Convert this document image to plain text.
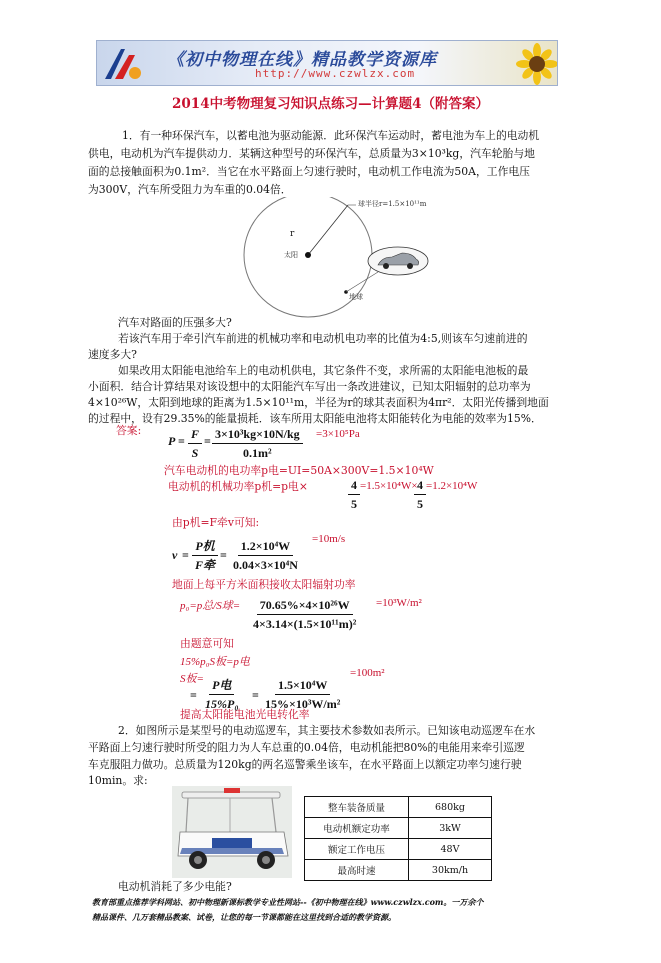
《初中物理在线》精品教学资源库
http://www.czwlzx.com
2014中考物理复习知识点练习—计算题4（附答案）
1．有一种环保汽车，以蓄电池为驱动能源．此环保汽车运动时，蓄电池为车上的电动机
供电，电动机为汽车提供动力．某辆这种型号的环保汽车，总质量为3×10³kg，汽车轮胎与地
面的总接触面积为0.1m²．当它在水平路面上匀速行驶时，电动机工作电流为50A，工作电压
为300V，汽车所受阻力为车重的0.04倍．
r
球半径r=1.5×10¹¹m
太阳
地球
汽车对路面的压强多大?
若该汽车用于牵引汽车前进的机械功率和电动机电功率的比值为4:5,则该车匀速前进的
速度多大?
如果改用太阳能电池给车上的电动机供电，其它条件不变，求所需的太阳能电池板的最
小面积．结合计算结果对该设想中的太阳能汽车写出一条改进建议，已知太阳辐射的总功率为
4×10²⁶W，太阳到地球的距离为1.5×10¹¹m，半径为r的球其表面积为4πr²．太阳光传播到地面
的过程中，设有29.35%的能量损耗．该车所用太阳能电池将太阳能转化为电能的效率为15%．
答案:
$P = \frac{F}{S} = \frac{\text{3×10³kg×10N/kg}}{\text{0.1m²}} =3\times 10^5Pa$
汽车电动机的电功率p电=UI=50A×300V=1.5×10⁴W
电动机的机械功率p机=p电×	$\frac{4}{5} =1.5\times 10^4W\times$
$\frac{4}{5} =1.2\times 10^4W$
由p机=F牵v可知:
v =
P机
F牵
= $\frac{\text{1.2×10⁴W}}{\text{0.04×3×10⁴N}} =10m/s$
地面上每平方米面积接收太阳辐射功率
p₀=p总/S球= $\frac{\text{70.65\%×4×10²⁶W}}{\text{4×3.14×(1.5×10¹¹m)²}} =10^3W/m^2$
由题意可知
15%p₀S板=p电
S板=
=
P电
15%P₀
= $\frac{\text{1.5×10⁴W}}{\text{15\%×10³W/m²}}$
=100m²
提高太阳能电池光电转化率
2．如图所示是某型号的电动巡逻车，其主要技术参数如表所示。已知该电动巡逻车在水
平路面上匀速行驶时所受的阻力为人车总重的0.04倍，电动机能把80%的电能用来牵引巡逻
车克服阻力做功。总质量为120kg的两名巡警乘坐该车，在水平路面上以额定功率匀速行驶
10min。求:
整车装备质量	680kg
电动机额定功率	3kW
额定工作电压	48V
最高时速	30km/h
电动机消耗了多少电能?
教育部重点推荐学科网站、初中物理新课标教学专业性网站--《初中物理在线》www.czwlzx.com。一万余个
精品课件、几万套精品教案、试卷，让您的每一节课都能在这里找到合适的教学资源。
